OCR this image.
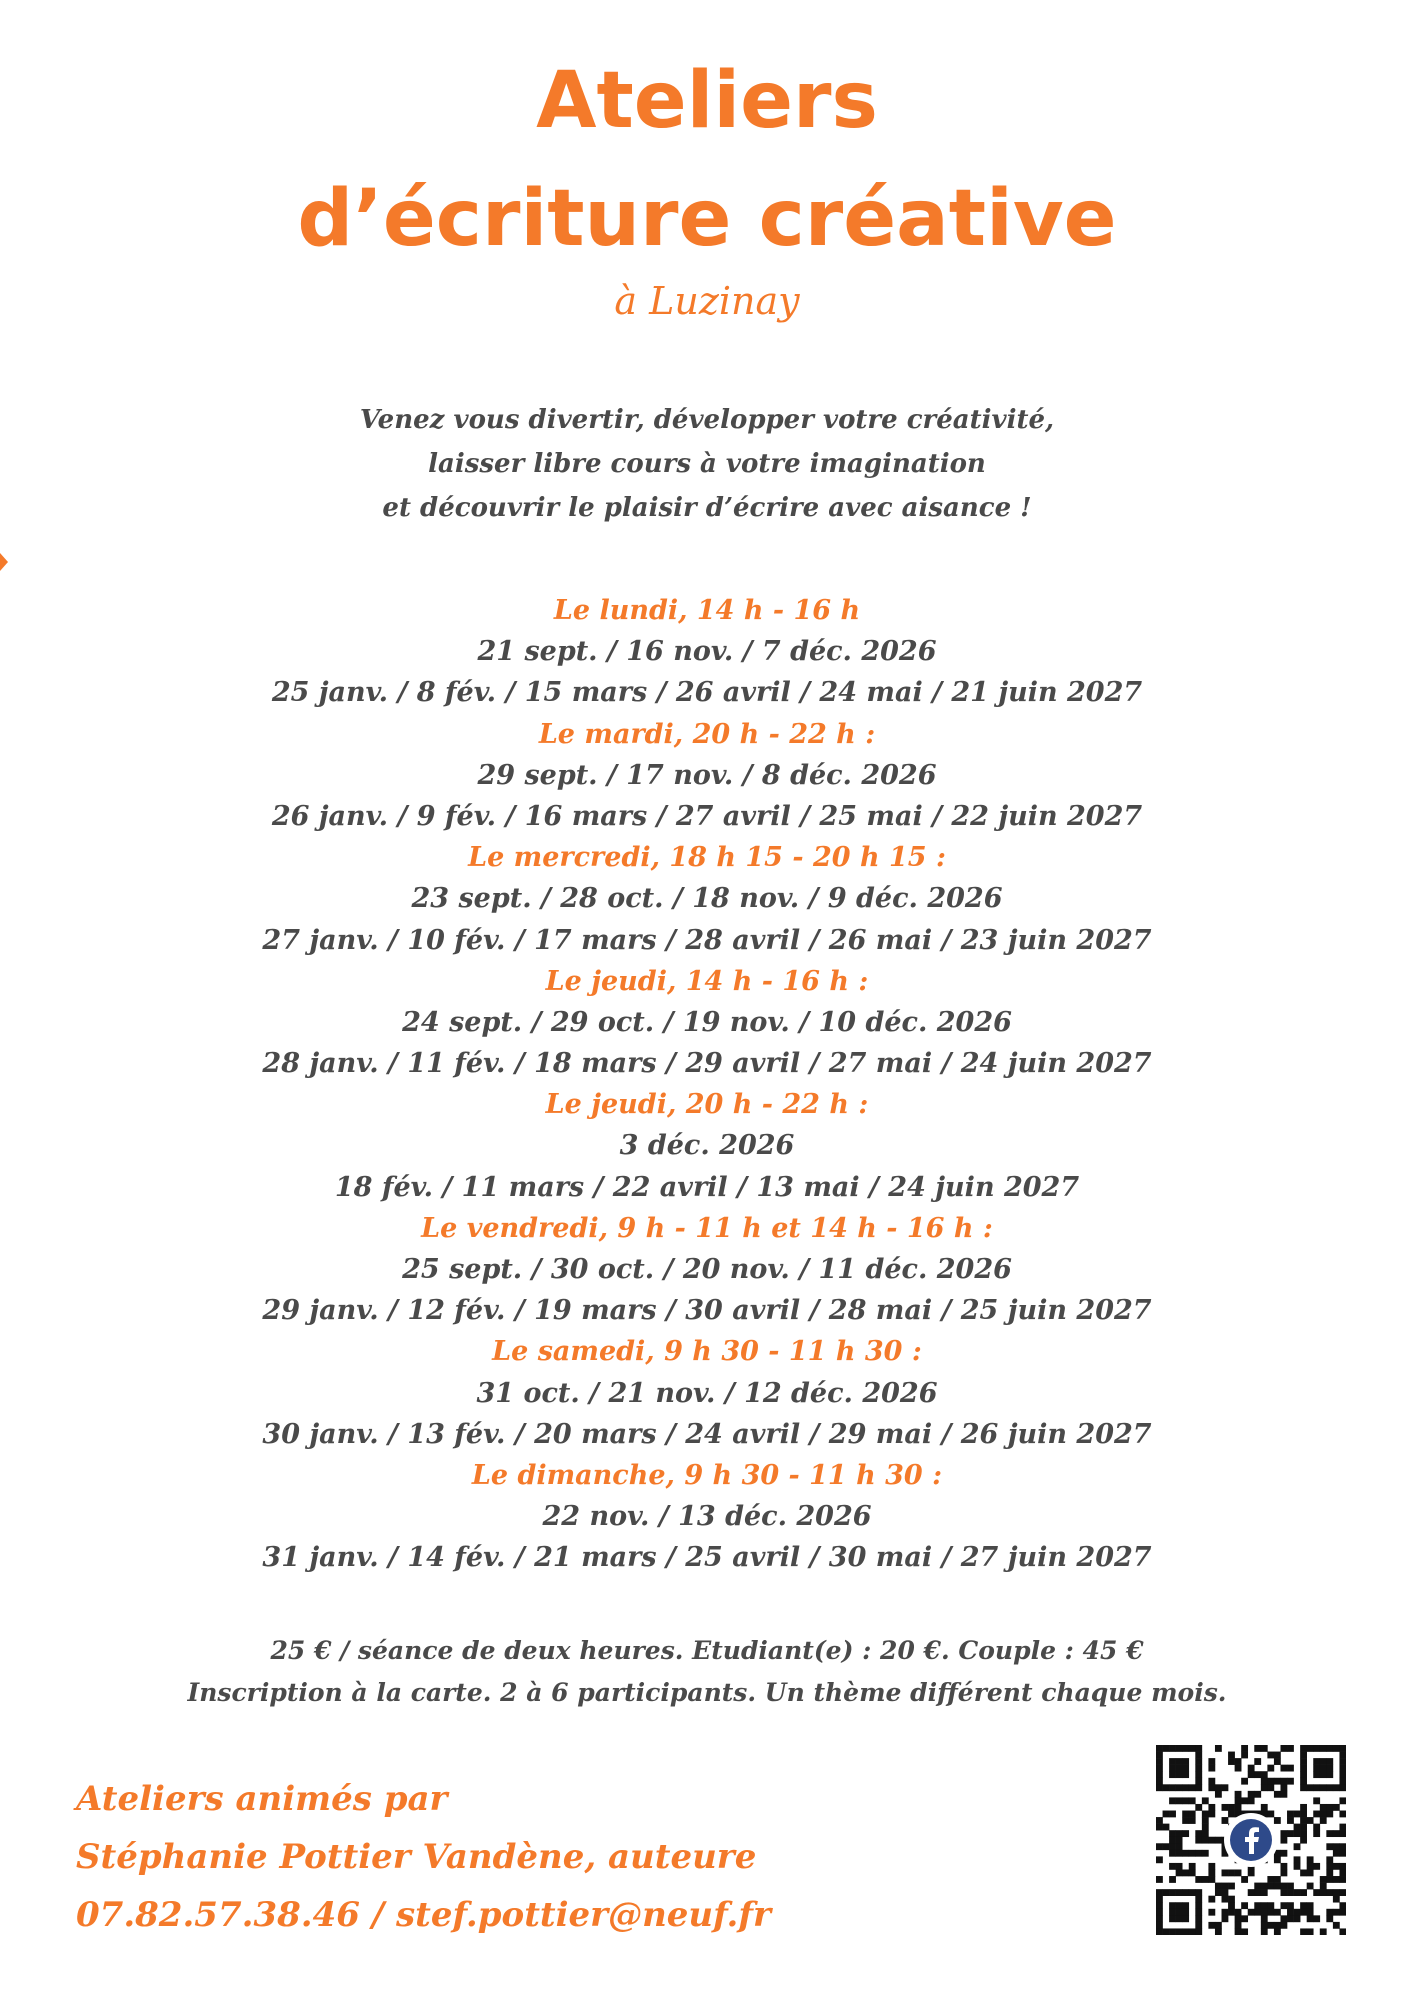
Ateliers
d’écriture créative
à Luzinay
Venez vous divertir, développer votre créativité,
laisser libre cours à votre imagination
et découvrir le plaisir d’écrire avec aisance !
Le lundi, 14 h - 16 h
21 sept. / 16 nov. / 7 déc. 2026
25 janv. / 8 fév. / 15 mars / 26 avril / 24 mai / 21 juin 2027
Le mardi, 20 h - 22 h :
29 sept. / 17 nov. / 8 déc. 2026
26 janv. / 9 fév. / 16 mars / 27 avril / 25 mai / 22 juin 2027
Le mercredi, 18 h 15 - 20 h 15 :
23 sept. / 28 oct. / 18 nov. / 9 déc. 2026
27 janv. / 10 fév. / 17 mars / 28 avril / 26 mai / 23 juin 2027
Le jeudi, 14 h - 16 h :
24 sept. / 29 oct. / 19 nov. / 10 déc. 2026
28 janv. / 11 fév. / 18 mars / 29 avril / 27 mai / 24 juin 2027
Le jeudi, 20 h - 22 h :
3 déc. 2026
18 fév. / 11 mars / 22 avril / 13 mai / 24 juin 2027
Le vendredi, 9 h - 11 h et 14 h - 16 h :
25 sept. / 30 oct. / 20 nov. / 11 déc. 2026
29 janv. / 12 fév. / 19 mars / 30 avril / 28 mai / 25 juin 2027
Le samedi, 9 h 30 - 11 h 30 :
31 oct. / 21 nov. / 12 déc. 2026
30 janv. / 13 fév. / 20 mars / 24 avril / 29 mai / 26 juin 2027
Le dimanche, 9 h 30 - 11 h 30 :
22 nov. / 13 déc. 2026
31 janv. / 14 fév. / 21 mars / 25 avril / 30 mai / 27 juin 2027
25 € / séance de deux heures. Etudiant(e) : 20 €. Couple : 45 €
Inscription à la carte. 2 à 6 participants. Un thème différent chaque mois.
Ateliers animés par
Stéphanie Pottier Vandène, auteure
07.82.57.38.46 / stef.pottier@neuf.fr
